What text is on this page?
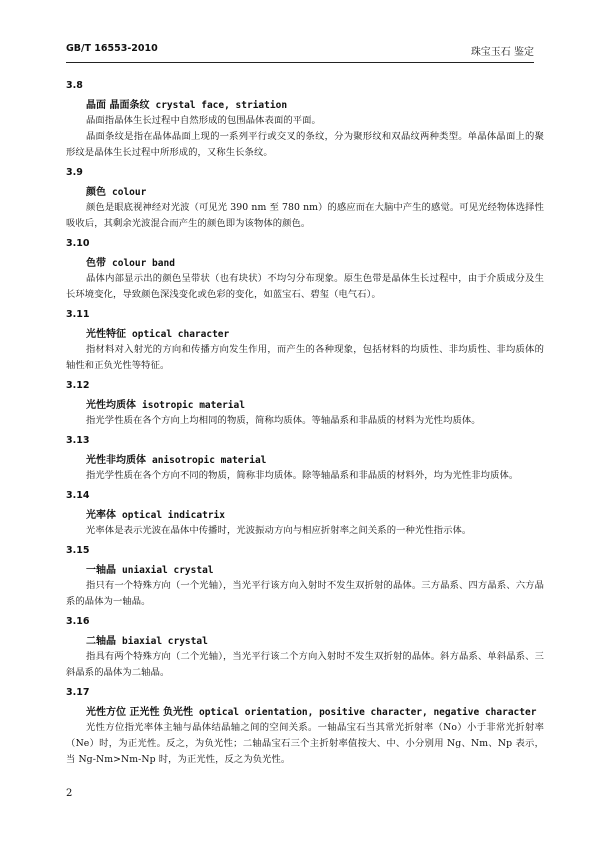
GB/T 16553-2010	珠宝玉石 鉴定
3.8
晶面 晶面条纹 crystal face, striation

晶面指晶体生长过程中自然形成的包围晶体表面的平面。

晶面条纹是指在晶体晶面上现的一系列平行或交叉的条纹，分为聚形纹和双晶纹两种类型。单晶体晶面上的聚形纹是晶体生长过程中所形成的，又称生长条纹。

3.9
颜色 colour

颜色是眼底视神经对光波（可见光 390 nm 至 780 nm）的感应而在大脑中产生的感觉。可见光经物体选择性吸收后，其剩余光波混合而产生的颜色即为该物体的颜色。

3.10
色带 colour band

晶体内部显示出的颜色呈带状（也有块状）不均匀分布现象。原生色带是晶体生长过程中，由于介质成分及生长环境变化，导致颜色深浅变化或色彩的变化，如蓝宝石、碧玺（电气石）。

3.11
光性特征 optical character

指材料对入射光的方向和传播方向发生作用，而产生的各种现象，包括材料的均质性、非均质性、非均质体的轴性和正负光性等特征。

3.12
光性均质体 isotropic material

指光学性质在各个方向上均相同的物质，简称均质体。等轴晶系和非晶质的材料为光性均质体。

3.13
光性非均质体 anisotropic material

指光学性质在各个方向不同的物质，简称非均质体。除等轴晶系和非晶质的材料外，均为光性非均质体。

3.14
光率体 optical indicatrix

光率体是表示光波在晶体中传播时，光波振动方向与相应折射率之间关系的一种光性指示体。

3.15
一轴晶 uniaxial crystal

指只有一个特殊方向（一个光轴），当光平行该方向入射时不发生双折射的晶体。三方晶系、四方晶系、六方晶系的晶体为一轴晶。

3.16
二轴晶 biaxial crystal

指具有两个特殊方向（二个光轴），当光平行该二个方向入射时不发生双折射的晶体。斜方晶系、单斜晶系、三斜晶系的晶体为二轴晶。

3.17
光性方位 正光性 负光性 optical orientation, positive character, negative character

光性方位指光率体主轴与晶体结晶轴之间的空间关系。一轴晶宝石当其常光折射率（No）小于非常光折射率（Ne）时，为正光性。反之，为负光性；二轴晶宝石三个主折射率值按大、中、小分别用 Ng、Nm、Np 表示，当 Ng-Nm>Nm-Np 时，为正光性，反之为负光性。

2
